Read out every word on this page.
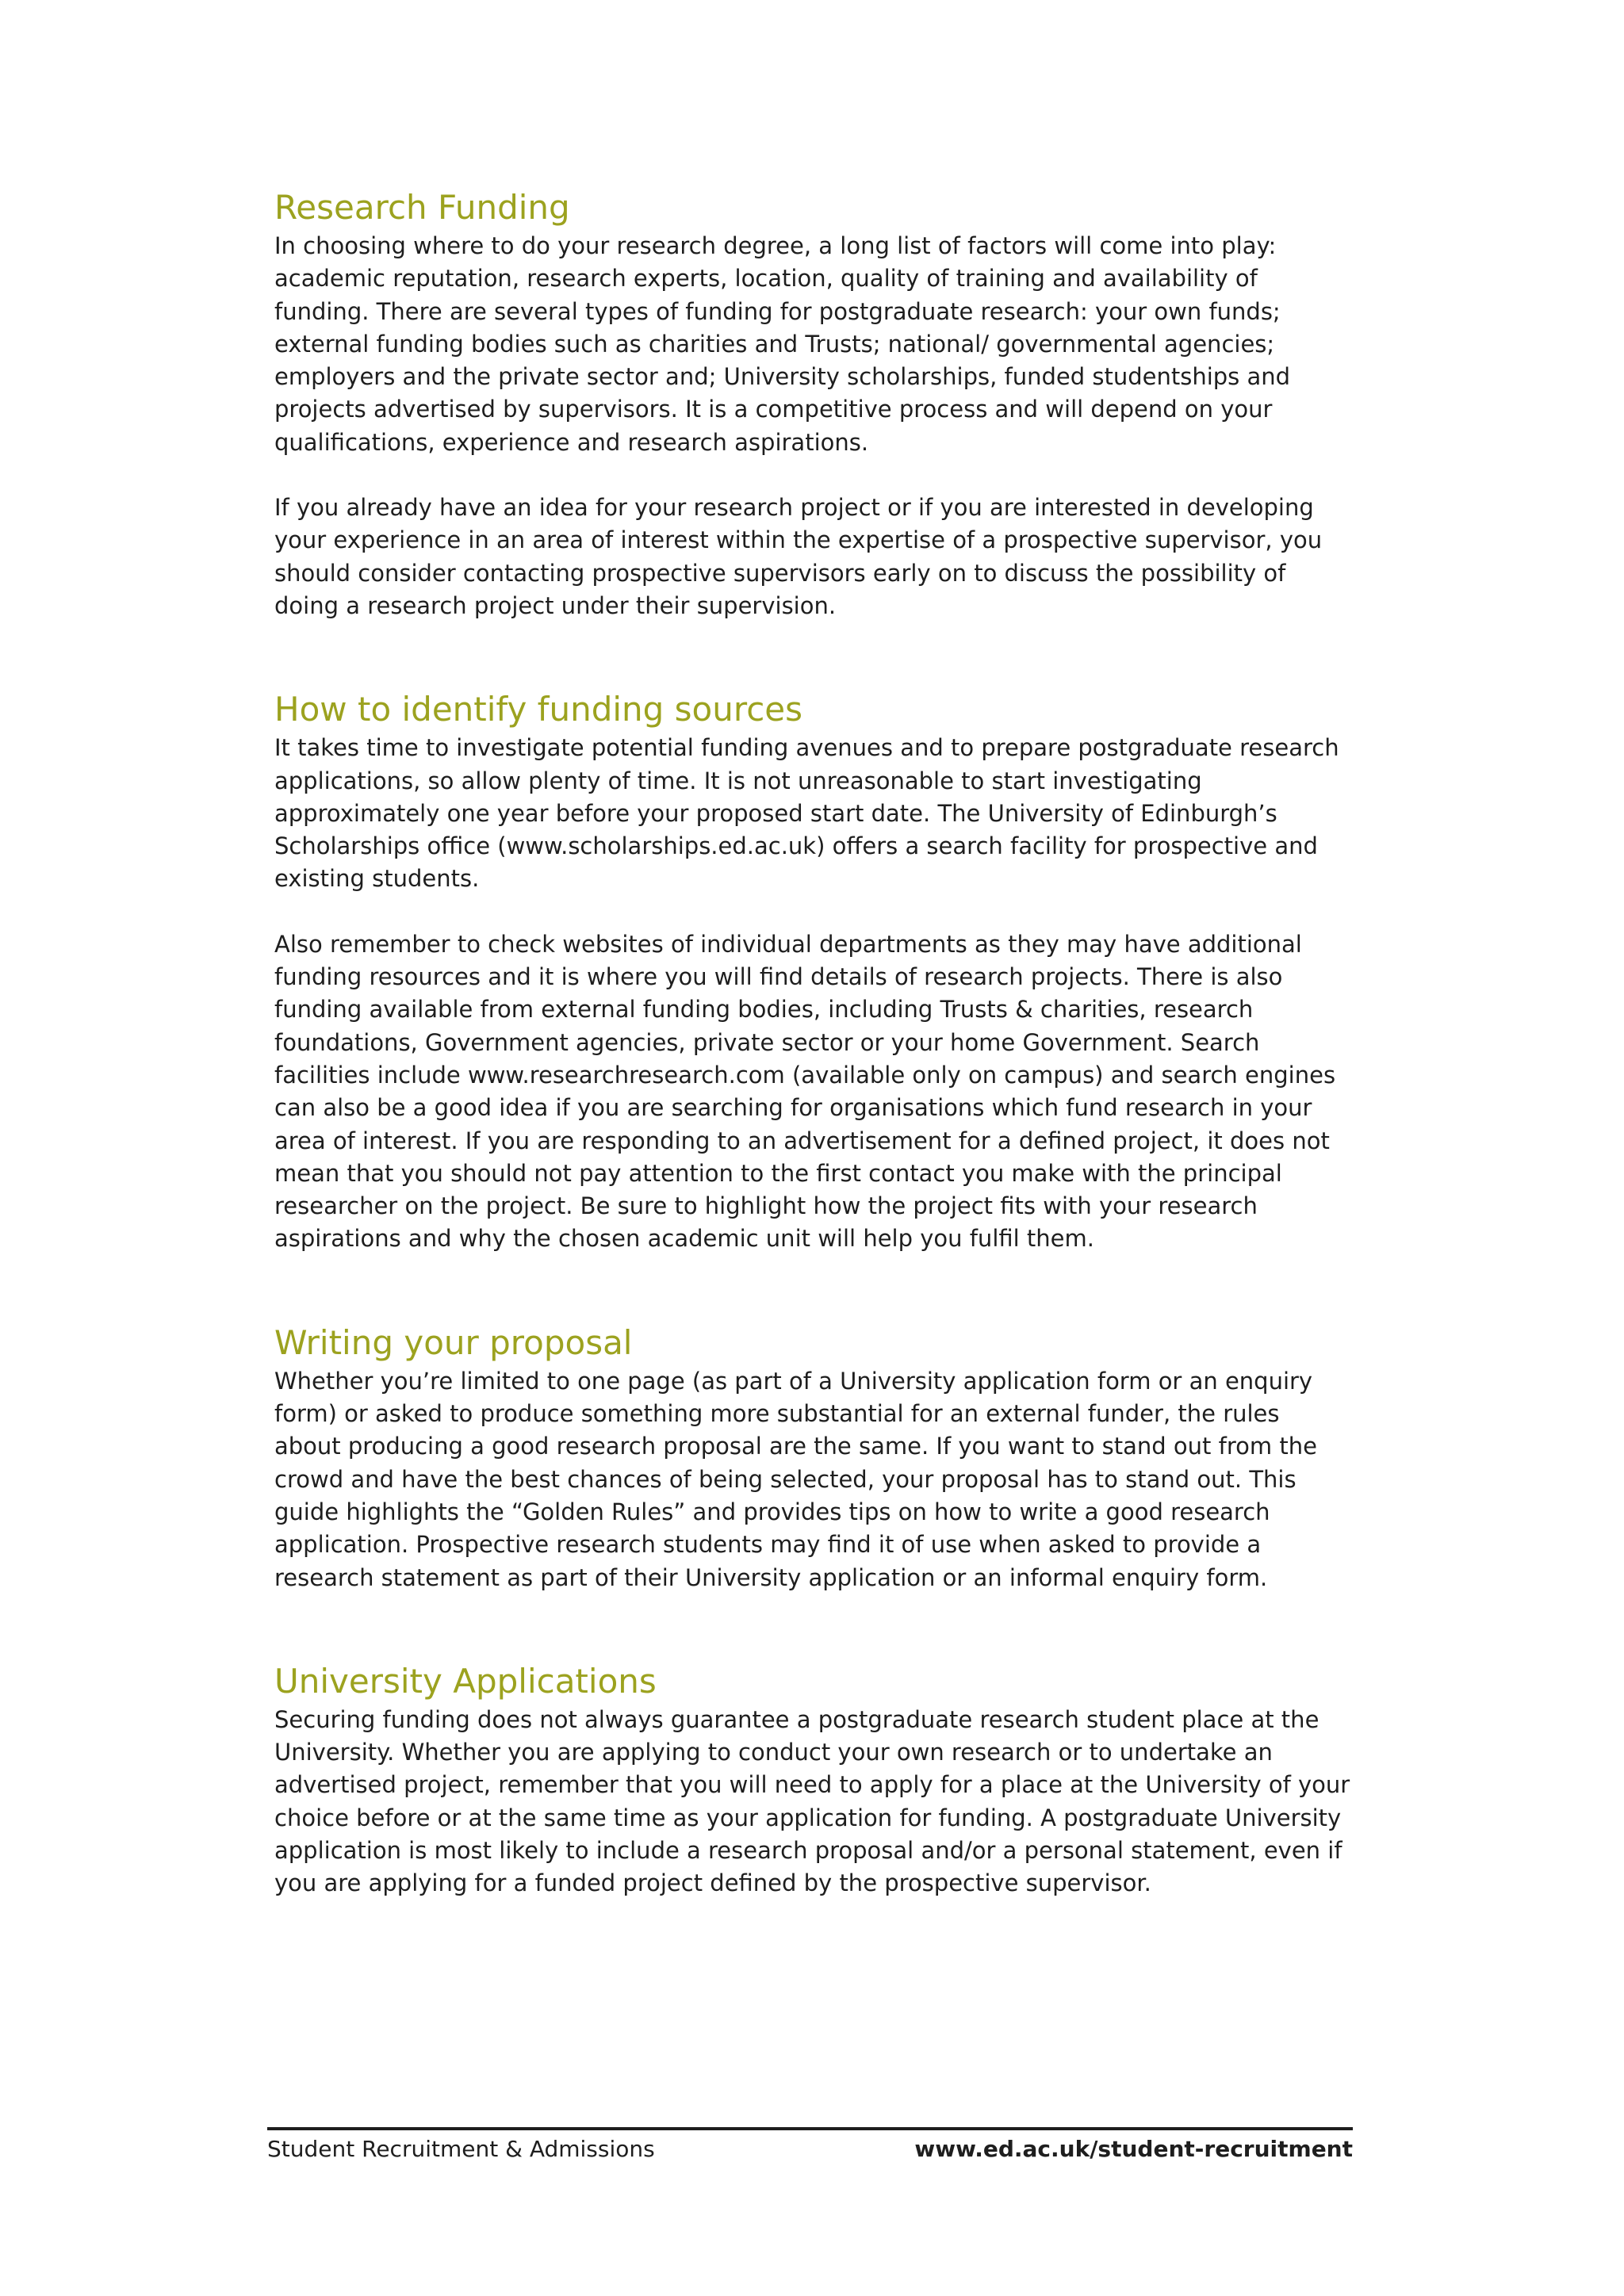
Research Funding

In choosing where to do your research degree, a long list of factors will come into play: academic reputation, research experts, location, quality of training and availability of funding. There are several types of funding for postgraduate research: your own funds; external funding bodies such as charities and Trusts; national/ governmental agencies; employers and the private sector and; University scholarships, funded studentships and projects advertised by supervisors. It is a competitive process and will depend on your qualifications, experience and research aspirations.

If you already have an idea for your research project or if you are interested in developing your experience in an area of interest within the expertise of a prospective supervisor, you should consider contacting prospective supervisors early on to discuss the possibility of doing a research project under their supervision.

How to identify funding sources

It takes time to investigate potential funding avenues and to prepare postgraduate research applications, so allow plenty of time. It is not unreasonable to start investigating approximately one year before your proposed start date. The University of Edinburgh’s Scholarships office (www.scholarships.ed.ac.uk) offers a search facility for prospective and existing students.

Also remember to check websites of individual departments as they may have additional funding resources and it is where you will find details of research projects. There is also funding available from external funding bodies, including Trusts & charities, research foundations, Government agencies, private sector or your home Government. Search facilities include www.researchresearch.com (available only on campus) and search engines can also be a good idea if you are searching for organisations which fund research in your area of interest. If you are responding to an advertisement for a defined project, it does not mean that you should not pay attention to the first contact you make with the principal researcher on the project. Be sure to highlight how the project fits with your research aspirations and why the chosen academic unit will help you fulfil them.

Writing your proposal

Whether you’re limited to one page (as part of a University application form or an enquiry form) or asked to produce something more substantial for an external funder, the rules about producing a good research proposal are the same. If you want to stand out from the crowd and have the best chances of being selected, your proposal has to stand out. This guide highlights the “Golden Rules” and provides tips on how to write a good research application. Prospective research students may find it of use when asked to provide a research statement as part of their University application or an informal enquiry form.

University Applications

Securing funding does not always guarantee a postgraduate research student place at the University. Whether you are applying to conduct your own research or to undertake an advertised project, remember that you will need to apply for a place at the University of your choice before or at the same time as your application for funding. A postgraduate University application is most likely to include a research proposal and/or a personal statement, even if you are applying for a funded project defined by the prospective supervisor.

Student Recruitment & Admissions	www.ed.ac.uk/student-recruitment
